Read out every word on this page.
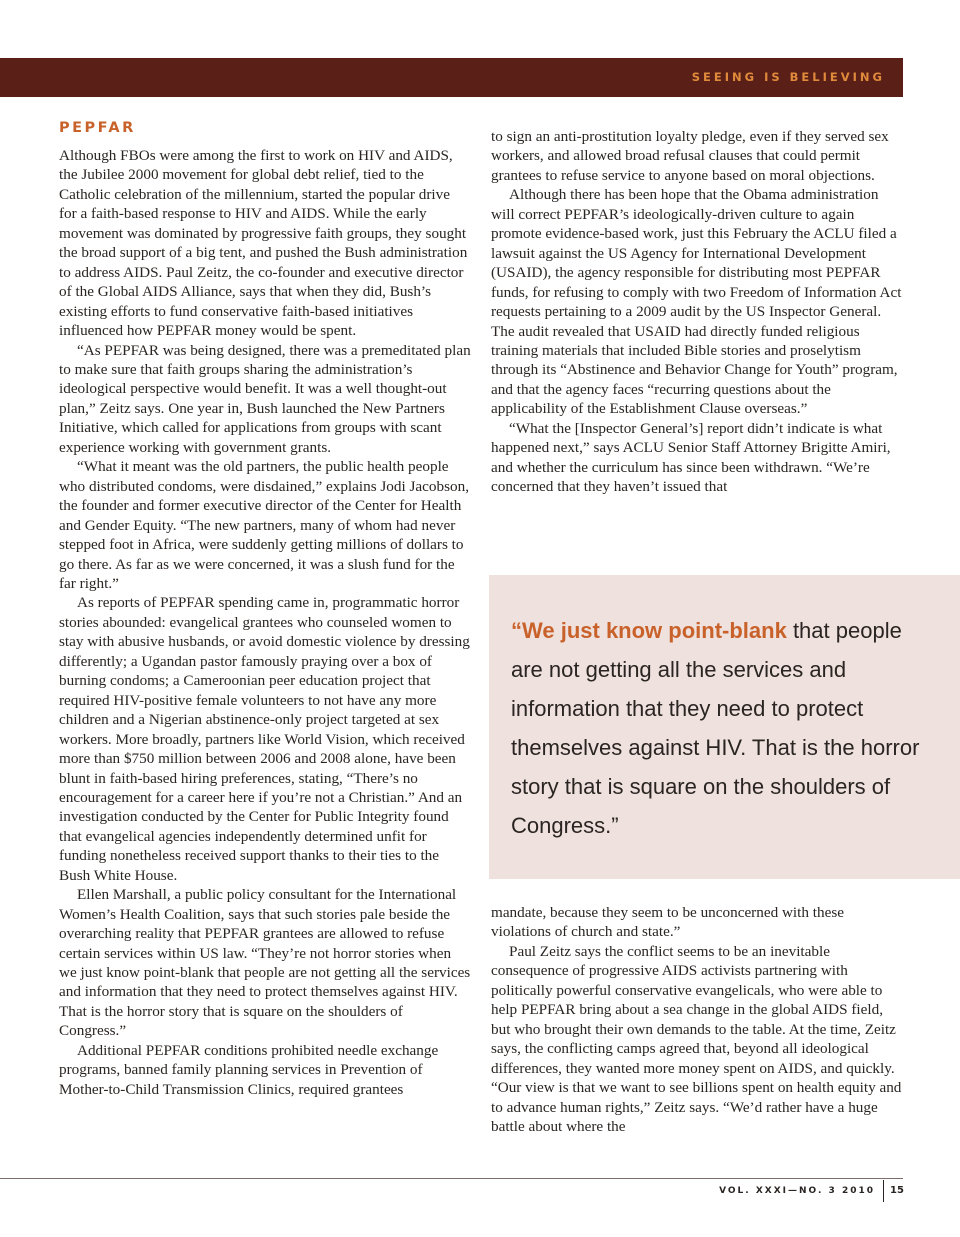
SEEING IS BELIEVING
PEPFAR

Although FBOs were among the first to work on HIV and AIDS, the Jubilee 2000 movement for global debt relief, tied to the Catholic celebration of the millennium, started the popular drive for a faith-based response to HIV and AIDS. While the early movement was dominated by progressive faith groups, they sought the broad support of a big tent, and pushed the Bush administration to address AIDS. Paul Zeitz, the co-founder and executive director of the Global AIDS Alliance, says that when they did, Bush’s existing efforts to fund conservative faith-based initiatives influenced how PEPFAR money would be spent.

“As PEPFAR was being designed, there was a premeditated plan to make sure that faith groups sharing the administration’s ideological perspective would benefit. It was a well thought-out plan,” Zeitz says. One year in, Bush launched the New Partners Initiative, which called for applications from groups with scant experience working with government grants.

“What it meant was the old partners, the public health people who distributed condoms, were disdained,” explains Jodi Jacobson, the founder and former executive director of the Center for Health and Gender Equity. “The new partners, many of whom had never stepped foot in Africa, were suddenly getting millions of dollars to go there. As far as we were concerned, it was a slush fund for the far right.”

As reports of PEPFAR spending came in, programmatic horror stories abounded: evangelical grantees who counseled women to stay with abusive husbands, or avoid domestic violence by dressing differently; a Ugandan pastor famously praying over a box of burning condoms; a Cameroonian peer education project that required HIV-positive female volunteers to not have any more children and a Nigerian abstinence-only project targeted at sex workers. More broadly, partners like World Vision, which received more than $750 million between 2006 and 2008 alone, have been blunt in faith-based hiring preferences, stating, “There’s no encouragement for a career here if you’re not a Christian.” And an investigation conducted by the Center for Public Integrity found that evangelical agencies independently determined unfit for funding nonetheless received support thanks to their ties to the Bush White House.

Ellen Marshall, a public policy consultant for the International Women’s Health Coalition, says that such stories pale beside the overarching reality that PEPFAR grantees are allowed to refuse certain services within US law. “They’re not horror stories when we just know point-blank that people are not getting all the services and information that they need to protect themselves against HIV. That is the horror story that is square on the shoulders of Congress.”

Additional PEPFAR conditions prohibited needle exchange programs, banned family planning services in Prevention of Mother-to-Child Transmission Clinics, required grantees

to sign an anti-prostitution loyalty pledge, even if they served sex workers, and allowed broad refusal clauses that could permit grantees to refuse service to anyone based on moral objections.

Although there has been hope that the Obama administration will correct PEPFAR’s ideologically-driven culture to again promote evidence-based work, just this February the ACLU filed a lawsuit against the US Agency for International Development (USAID), the agency responsible for distributing most PEPFAR funds, for refusing to comply with two Freedom of Information Act requests pertaining to a 2009 audit by the US Inspector General. The audit revealed that USAID had directly funded religious training materials that included Bible stories and proselytism through its “Abstinence and Behavior Change for Youth” program, and that the agency faces “recurring questions about the applicability of the Establishment Clause overseas.”

“What the [Inspector General’s] report didn’t indicate is what happened next,” says ACLU Senior Staff Attorney Brigitte Amiri, and whether the curriculum has since been withdrawn. “We’re concerned that they haven’t issued that

“We just know point-blank that people are not getting all the services and information that they need to protect themselves against HIV. That is the horror story that is square on the shoulders of Congress.”

mandate, because they seem to be unconcerned with these violations of church and state.”

Paul Zeitz says the conflict seems to be an inevitable consequence of progressive AIDS activists partnering with politically powerful conservative evangelicals, who were able to help PEPFAR bring about a sea change in the global AIDS field, but who brought their own demands to the table. At the time, Zeitz says, the conflicting camps agreed that, beyond all ideological differences, they wanted more money spent on AIDS, and quickly. “Our view is that we want to see billions spent on health equity and to advance human rights,” Zeitz says. “We’d rather have a huge battle about where the

VOL. XXXI—NO. 3 2010 15
